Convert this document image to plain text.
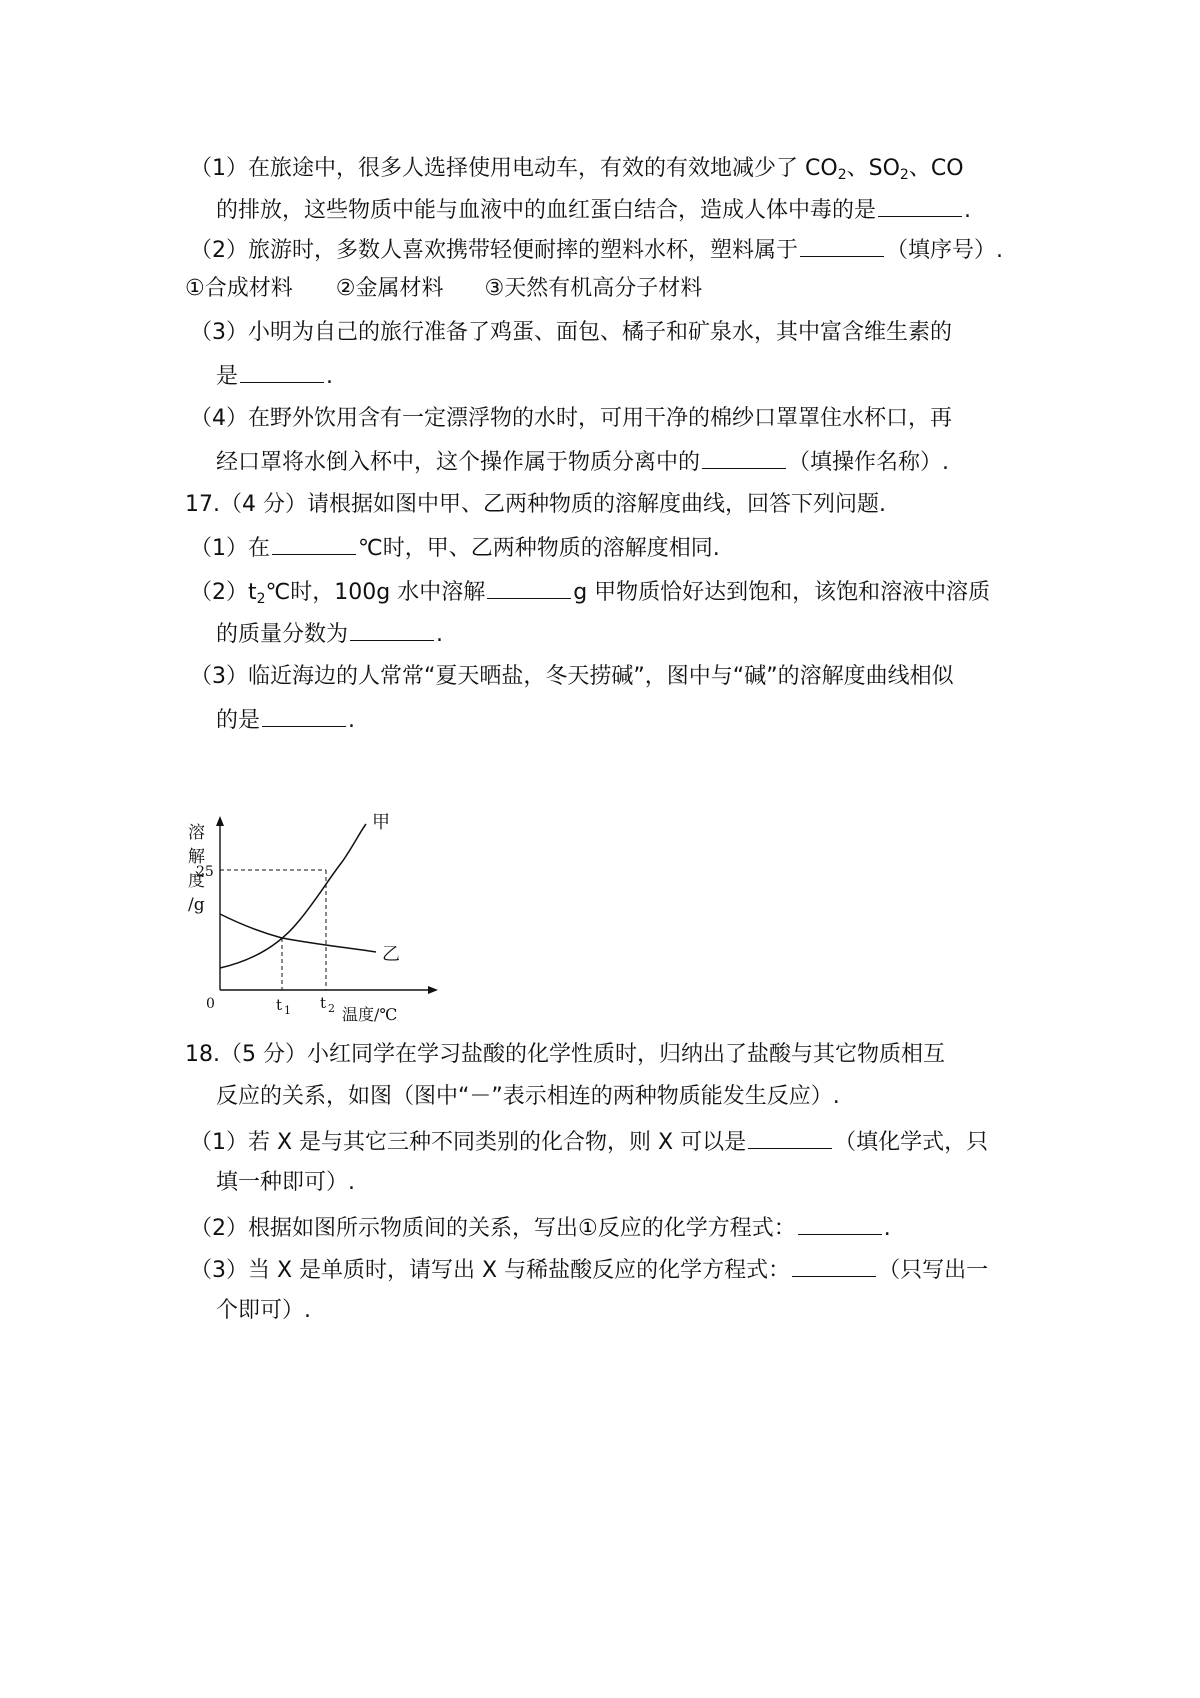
（1）在旅途中，很多人选择使用电动车，有效的有效地减少了 $CO_2$、$SO_2$、CO
的排放，这些物质中能与血液中的血红蛋白结合，造成人体中毒的是	.
（2）旅游时，多数人喜欢携带轻便耐摔的塑料水杯，塑料属于	（填序号）.
①合成材料 ②金属材料 ③天然有机高分子材料
（3）小明为自己的旅行准备了鸡蛋、面包、橘子和矿泉水，其中富含维生素的
是	.
（4）在野外饮用含有一定漂浮物的水时，可用干净的棉纱口罩罩住水杯口，再
经口罩将水倒入杯中，这个操作属于物质分离中的	（填操作名称）.
17.（4 分）请根据如图中甲、乙两种物质的溶解度曲线，回答下列问题.
（1）在	℃时，甲、乙两种物质的溶解度相同.
$(2)t_2℃$时，100g 水中溶解	g 甲物质恰好达到饱和，该饱和溶液中溶质
的质量分数为	.
（3）临近海边的人常常“夏天晒盐，冬天捞碱”，图中与“碱”的溶解度曲线相似
的是	.
溶
解
度
/g
25
0
甲
乙
t 1 t 2 温度/℃
18.（5 分）小红同学在学习盐酸的化学性质时，归纳出了盐酸与其它物质相互
反应的关系，如图（图中“－”表示相连的两种物质能发生反应）.
（1）若 X 是与其它三种不同类别的化合物，则 X 可以是	（填化学式，只
填一种即可）.
（2）根据如图所示物质间的关系，写出①反应的化学方程式：	.
（3）当 X 是单质时，请写出 X 与稀盐酸反应的化学方程式：	（只写出一
个即可）.
